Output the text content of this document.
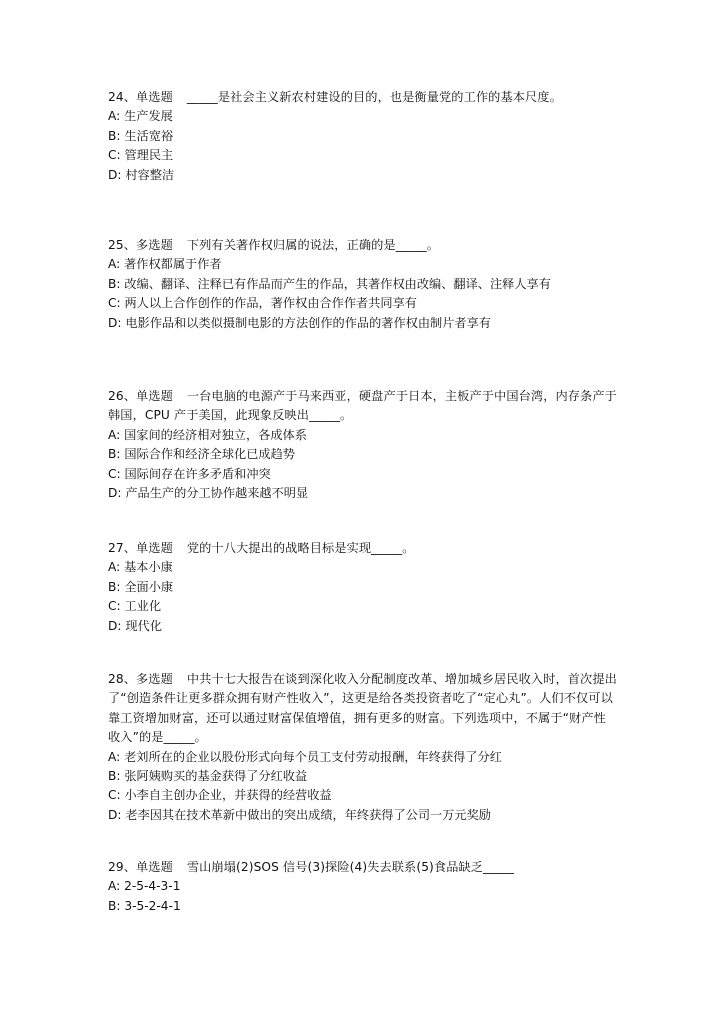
24、单选题 _____是社会主义新农村建设的目的，也是衡量党的工作的基本尺度。
A: 生产发展
B: 生活宽裕
C: 管理民主
D: 村容整洁
25、多选题 下列有关著作权归属的说法，正确的是_____。
A: 著作权都属于作者
B: 改编、翻译、注释已有作品而产生的作品，其著作权由改编、翻译、注释人享有
C: 两人以上合作创作的作品，著作权由合作作者共同享有
D: 电影作品和以类似摄制电影的方法创作的作品的著作权由制片者享有
26、单选题 一台电脑的电源产于马来西亚，硬盘产于日本，主板产于中国台湾，内存条产于韩国，CPU 产于美国，此现象反映出_____。
A: 国家间的经济相对独立，各成体系
B: 国际合作和经济全球化已成趋势
C: 国际间存在许多矛盾和冲突
D: 产品生产的分工协作越来越不明显
27、单选题 党的十八大提出的战略目标是实现_____。
A: 基本小康
B: 全面小康
C: 工业化
D: 现代化
28、多选题 中共十七大报告在谈到深化收入分配制度改革、增加城乡居民收入时，首次提出了“创造条件让更多群众拥有财产性收入”，这更是给各类投资者吃了“定心丸”。人们不仅可以靠工资增加财富，还可以通过财富保值增值，拥有更多的财富。下列选项中，不属于“财产性收入”的是_____。
A: 老刘所在的企业以股份形式向每个员工支付劳动报酬，年终获得了分红
B: 张阿姨购买的基金获得了分红收益
C: 小李自主创办企业，并获得的经营收益
D: 老李因其在技术革新中做出的突出成绩，年终获得了公司一万元奖励
29、单选题 雪山崩塌(2)SOS 信号(3)探险(4)失去联系(5)食品缺乏_____
A: 2-5-4-3-1
B: 3-5-2-4-1
